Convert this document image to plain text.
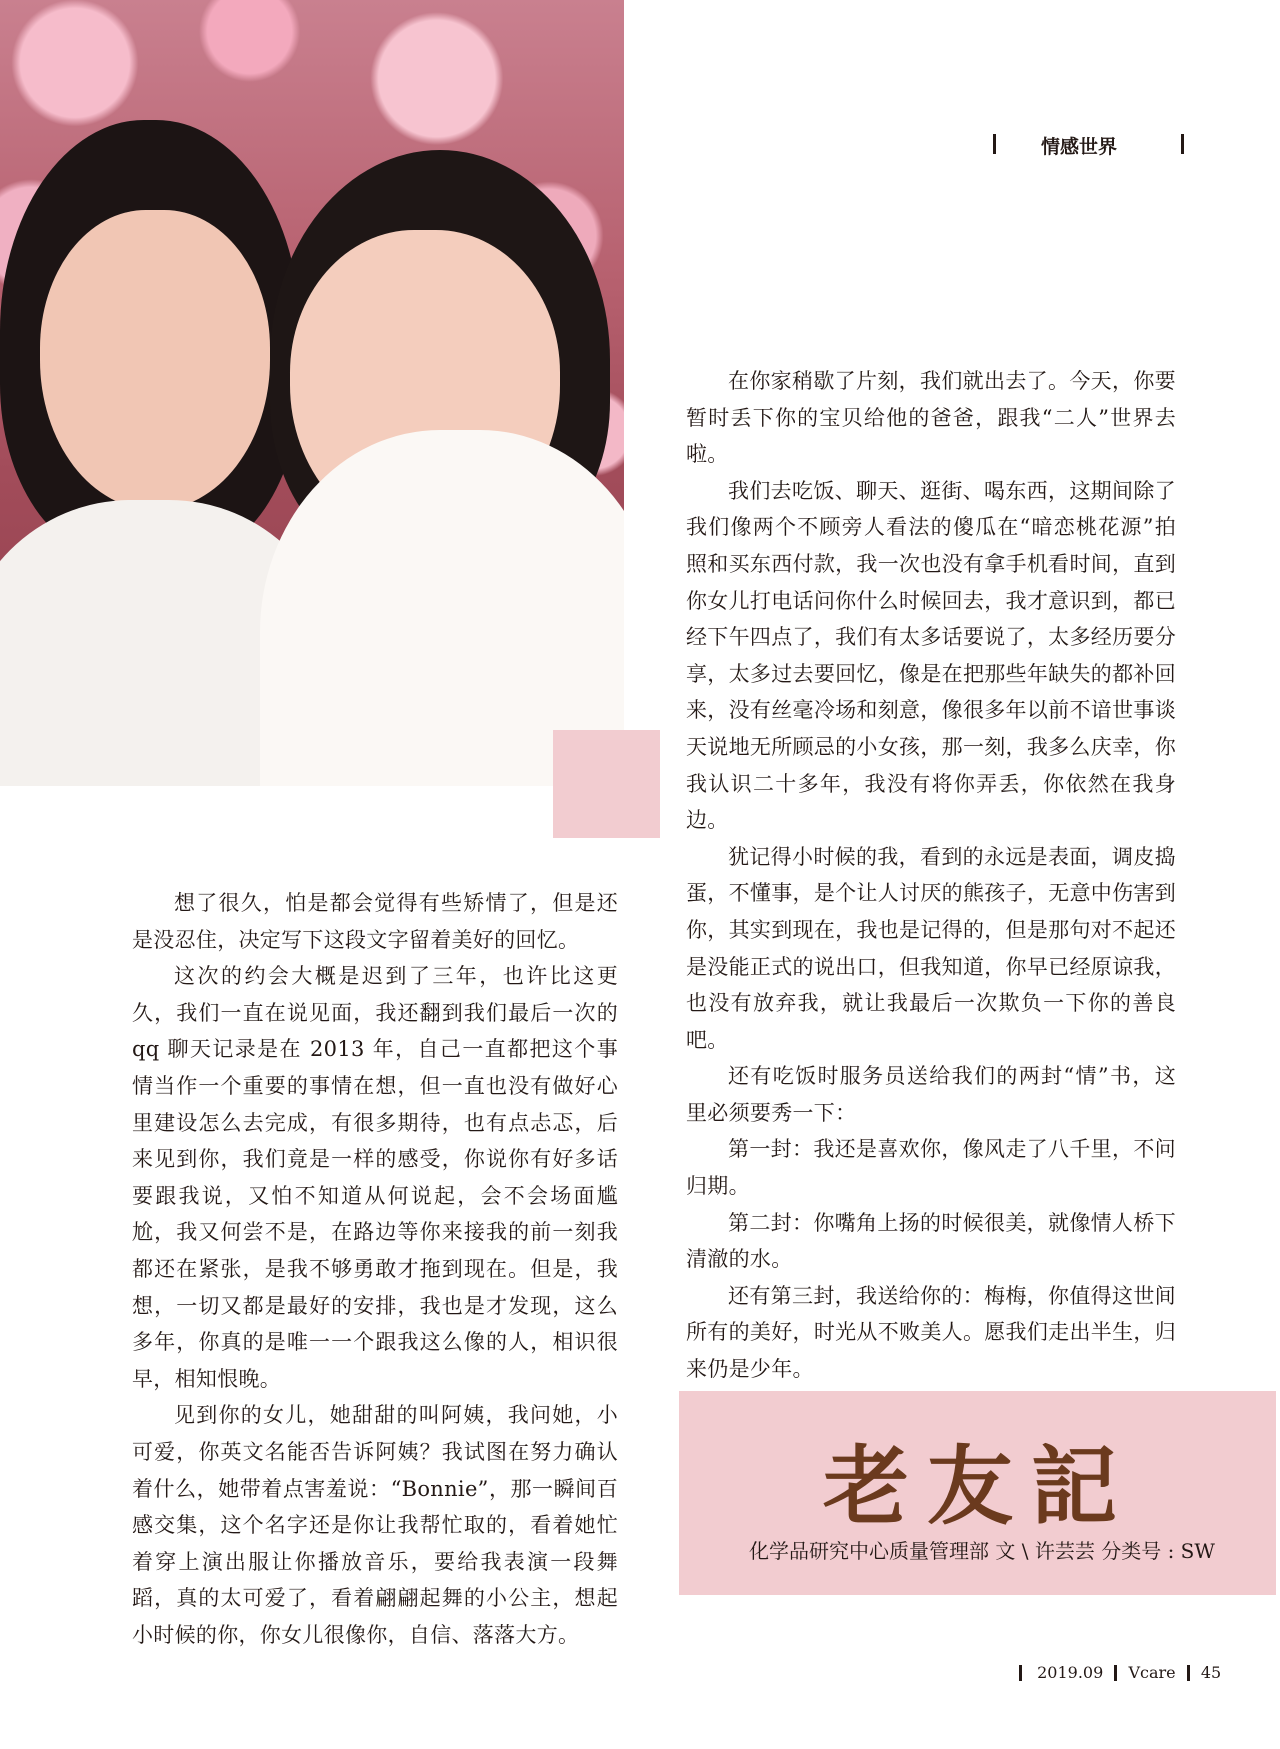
情感世界

想了很久，怕是都会觉得有些矫情了，但是还是没忍住，决定写下这段文字留着美好的回忆。

这次的约会大概是迟到了三年，也许比这更久，我们一直在说见面，我还翻到我们最后一次的 qq 聊天记录是在 2013 年，自己一直都把这个事情当作一个重要的事情在想，但一直也没有做好心里建设怎么去完成，有很多期待，也有点忐忑，后来见到你，我们竟是一样的感受，你说你有好多话要跟我说，又怕不知道从何说起，会不会场面尴尬，我又何尝不是，在路边等你来接我的前一刻我都还在紧张，是我不够勇敢才拖到现在。但是，我想，一切又都是最好的安排，我也是才发现，这么多年，你真的是唯一一个跟我这么像的人，相识很早，相知恨晚。

见到你的女儿，她甜甜的叫阿姨，我问她，小可爱，你英文名能否告诉阿姨？我试图在努力确认着什么，她带着点害羞说：“Bonnie”，那一瞬间百感交集，这个名字还是你让我帮忙取的，看着她忙着穿上演出服让你播放音乐，要给我表演一段舞蹈，真的太可爱了，看着翩翩起舞的小公主，想起小时候的你，你女儿很像你，自信、落落大方。

在你家稍歇了片刻，我们就出去了。今天，你要暂时丢下你的宝贝给他的爸爸，跟我“二人”世界去啦。

我们去吃饭、聊天、逛街、喝东西，这期间除了我们像两个不顾旁人看法的傻瓜在“暗恋桃花源”拍照和买东西付款，我一次也没有拿手机看时间，直到你女儿打电话问你什么时候回去，我才意识到，都已经下午四点了，我们有太多话要说了，太多经历要分享，太多过去要回忆，像是在把那些年缺失的都补回来，没有丝毫冷场和刻意，像很多年以前不谙世事谈天说地无所顾忌的小女孩，那一刻，我多么庆幸，你我认识二十多年，我没有将你弄丢，你依然在我身边。

犹记得小时候的我，看到的永远是表面，调皮捣蛋，不懂事，是个让人讨厌的熊孩子，无意中伤害到你，其实到现在，我也是记得的，但是那句对不起还是没能正式的说出口，但我知道，你早已经原谅我，也没有放弃我，就让我最后一次欺负一下你的善良吧。

还有吃饭时服务员送给我们的两封“情”书，这里必须要秀一下：

第一封：我还是喜欢你，像风走了八千里，不问归期。

第二封：你嘴角上扬的时候很美，就像情人桥下清澈的水。

还有第三封，我送给你的：梅梅，你值得这世间所有的美好，时光从不败美人。愿我们走出半生，归来仍是少年。

老友記
化学品研究中心质量管理部 文 \ 许芸芸 分类号 : SW
2019.09 Vcare 45
